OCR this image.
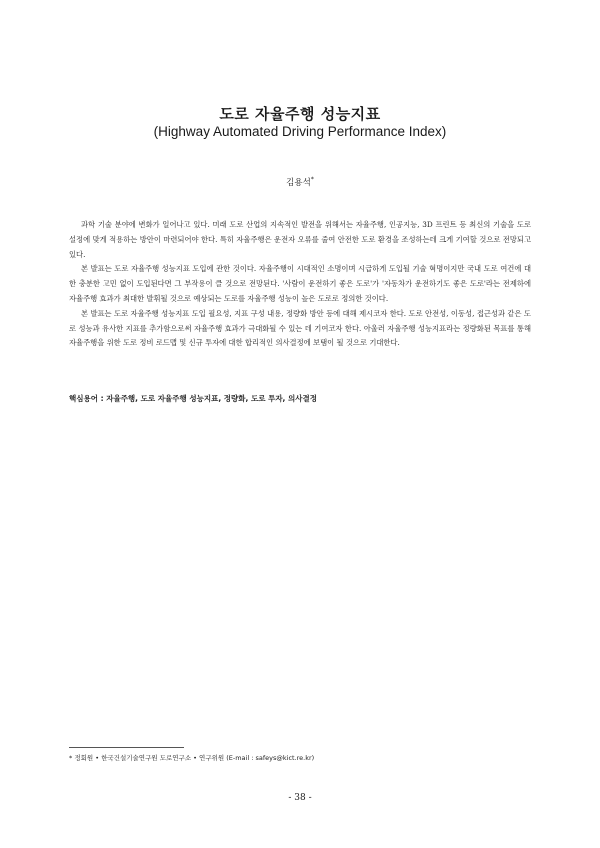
도로 자율주행 성능지표
(Highway Automated Driving Performance Index)
김용석*

과학 기술 분야에 변화가 일어나고 있다. 미래 도로 산업의 지속적인 발전을 위해서는 자율주행, 인공지능, 3D 프린트 등 최신의 기술을 도로 설정에 맞게 적용하는 방안이 마련되어야 한다. 특히 자율주행은 운전자 오류를 줄여 안전한 도로 환경을 조성하는데 크게 기여할 것으로 전망되고 있다.

본 발표는 도로 자율주행 성능지표 도입에 관한 것이다. 자율주행이 시대적인 소명이며 시급하게 도입될 기술 혁명이지만 국내 도로 여건에 대한 충분한 고민 없이 도입된다면 그 부작용이 클 것으로 전망된다. '사람이 운전하기 좋은 도로'가 '자동차가 운전하기도 좋은 도로'라는 전제하에 자율주행 효과가 최대한 발휘될 것으로 예상되는 도로를 자율주행 성능이 높은 도로로 정의한 것이다.

본 발표는 도로 자율주행 성능지표 도입 필요성, 지표 구성 내용, 정량화 방안 등에 대해 제시코자 한다. 도로 안전성, 이동성, 접근성과 같은 도로 성능과 유사한 지표를 추가함으로써 자율주행 효과가 극대화될 수 있는 데 기여코자 한다. 아울러 자율주행 성능지표라는 정량화된 목표를 통해 자율주행을 위한 도로 정비 로드맵 및 신규 투자에 대한 합리적인 의사결정에 보탬이 될 것으로 기대한다.

핵심용어 : 자율주행, 도로 자율주행 성능지표, 정량화, 도로 투자, 의사결정
* 정회원 • 한국건설기술연구원 도로연구소 • 연구위원 (E-mail : safeys@kict.re.kr)
- 38 -
